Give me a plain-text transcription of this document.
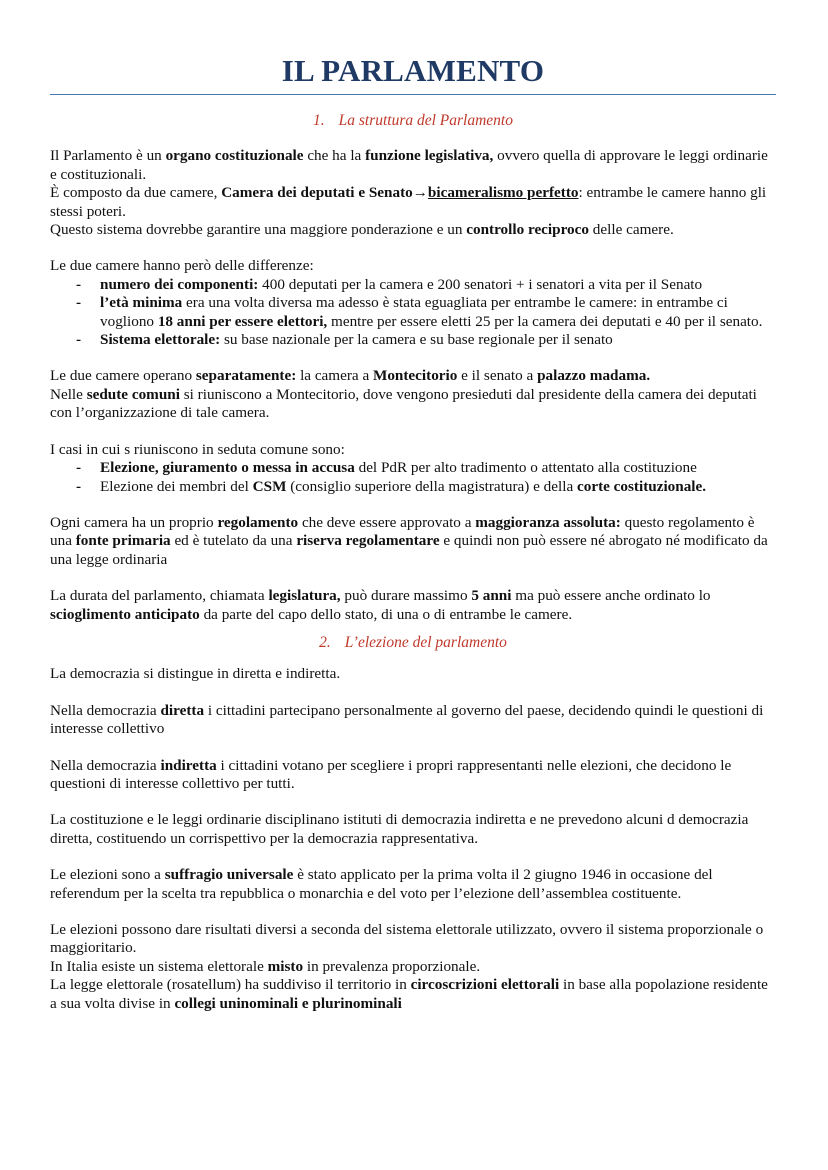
IL PARLAMENTO
1. La struttura del Parlamento

Il Parlamento è un organo costituzionale che ha la funzione legislativa, ovvero quella di approvare le leggi ordinarie e costituzionali.

È composto da due camere, Camera dei deputati e Senato→bicameralismo perfetto: entrambe le camere hanno gli stessi poteri.

Questo sistema dovrebbe garantire una maggiore ponderazione e un controllo reciproco delle camere.

Le due camere hanno però delle differenze:

- numero dei componenti: 400 deputati per la camera e 200 senatori + i senatori a vita per il Senato
- l’età minima era una volta diversa ma adesso è stata eguagliata per entrambe le camere: in entrambe ci vogliono 18 anni per essere elettori, mentre per essere eletti 25 per la camera dei deputati e 40 per il senato.
- Sistema elettorale: su base nazionale per la camera e su base regionale per il senato

Le due camere operano separatamente: la camera a Montecitorio e il senato a palazzo madama.

Nelle sedute comuni si riuniscono a Montecitorio, dove vengono presieduti dal presidente della camera dei deputati con l’organizzazione di tale camera.

I casi in cui s riuniscono in seduta comune sono:

- Elezione, giuramento o messa in accusa del PdR per alto tradimento o attentato alla costituzione
- Elezione dei membri del CSM (consiglio superiore della magistratura) e della corte costituzionale.

Ogni camera ha un proprio regolamento che deve essere approvato a maggioranza assoluta: questo regolamento è una fonte primaria ed è tutelato da una riserva regolamentare e quindi non può essere né abrogato né modificato da una legge ordinaria

La durata del parlamento, chiamata legislatura, può durare massimo 5 anni ma può essere anche ordinato lo scioglimento anticipato da parte del capo dello stato, di una o di entrambe le camere.

2. L’elezione del parlamento

La democrazia si distingue in diretta e indiretta.

Nella democrazia diretta i cittadini partecipano personalmente al governo del paese, decidendo quindi le questioni di interesse collettivo

Nella democrazia indiretta i cittadini votano per scegliere i propri rappresentanti nelle elezioni, che decidono le questioni di interesse collettivo per tutti.

La costituzione e le leggi ordinarie disciplinano istituti di democrazia indiretta e ne prevedono alcuni d democrazia diretta, costituendo un corrispettivo per la democrazia rappresentativa.

Le elezioni sono a suffragio universale è stato applicato per la prima volta il 2 giugno 1946 in occasione del referendum per la scelta tra repubblica o monarchia e del voto per l’elezione dell’assemblea costituente.

Le elezioni possono dare risultati diversi a seconda del sistema elettorale utilizzato, ovvero il sistema proporzionale o maggioritario.

In Italia esiste un sistema elettorale misto in prevalenza proporzionale.

La legge elettorale (rosatellum) ha suddiviso il territorio in circoscrizioni elettorali in base alla popolazione residente a sua volta divise in collegi uninominali e plurinominali
